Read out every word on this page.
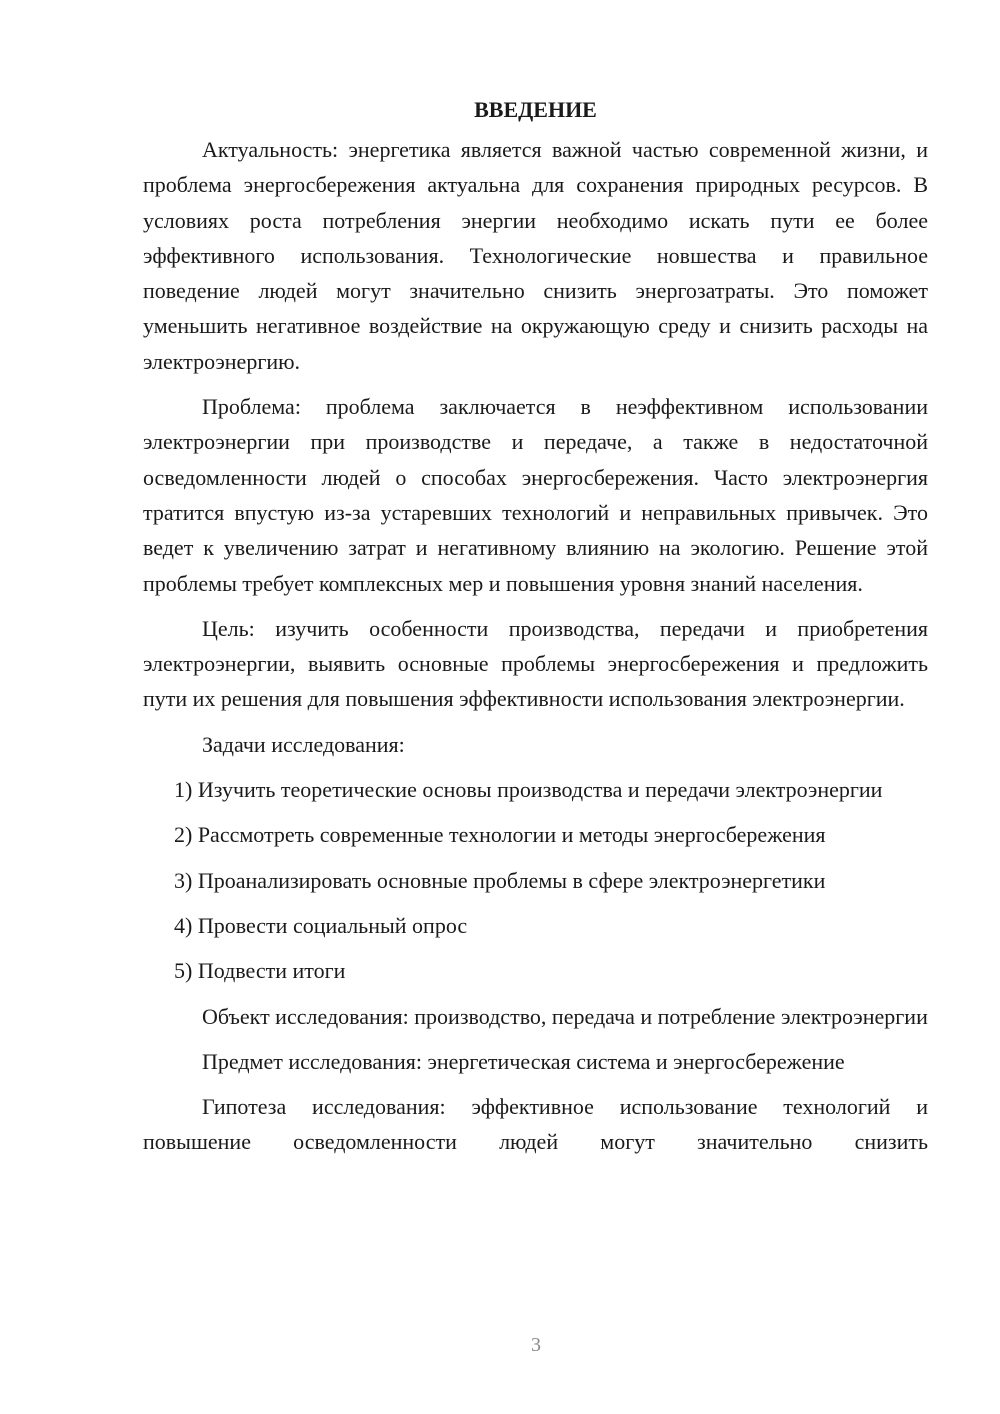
ВВЕДЕНИЕ

Актуальность: энергетика является важной частью современной жизни, и проблема энергосбережения актуальна для сохранения природных ресурсов. В условиях роста потребления энергии необходимо искать пути ее более эффективного использования. Технологические новшества и правильное поведение людей могут значительно снизить энергозатраты. Это поможет уменьшить негативное воздействие на окружающую среду и снизить расходы на электроэнергию.

Проблема: проблема заключается в неэффективном использовании электроэнергии при производстве и передаче, а также в недостаточной осведомленности людей о способах энергосбережения. Часто электроэнергия тратится впустую из-за устаревших технологий и неправильных привычек. Это ведет к увеличению затрат и негативному влиянию на экологию. Решение этой проблемы требует комплексных мер и повышения уровня знаний населения.

Цель: изучить особенности производства, передачи и приобретения электроэнергии, выявить основные проблемы энергосбережения и предложить пути их решения для повышения эффективности использования электроэнергии.

Задачи исследования:

1) Изучить теоретические основы производства и передачи электроэнергии

2) Рассмотреть современные технологии и методы энергосбережения

3) Проанализировать основные проблемы в сфере электроэнергетики

4) Провести социальный опрос

5) Подвести итоги

Объект исследования: производство, передача и потребление электроэнергии

Предмет исследования: энергетическая система и энергосбережение

Гипотеза исследования: эффективное использование технологий и повышение осведомленности людей могут значительно снизить

3
